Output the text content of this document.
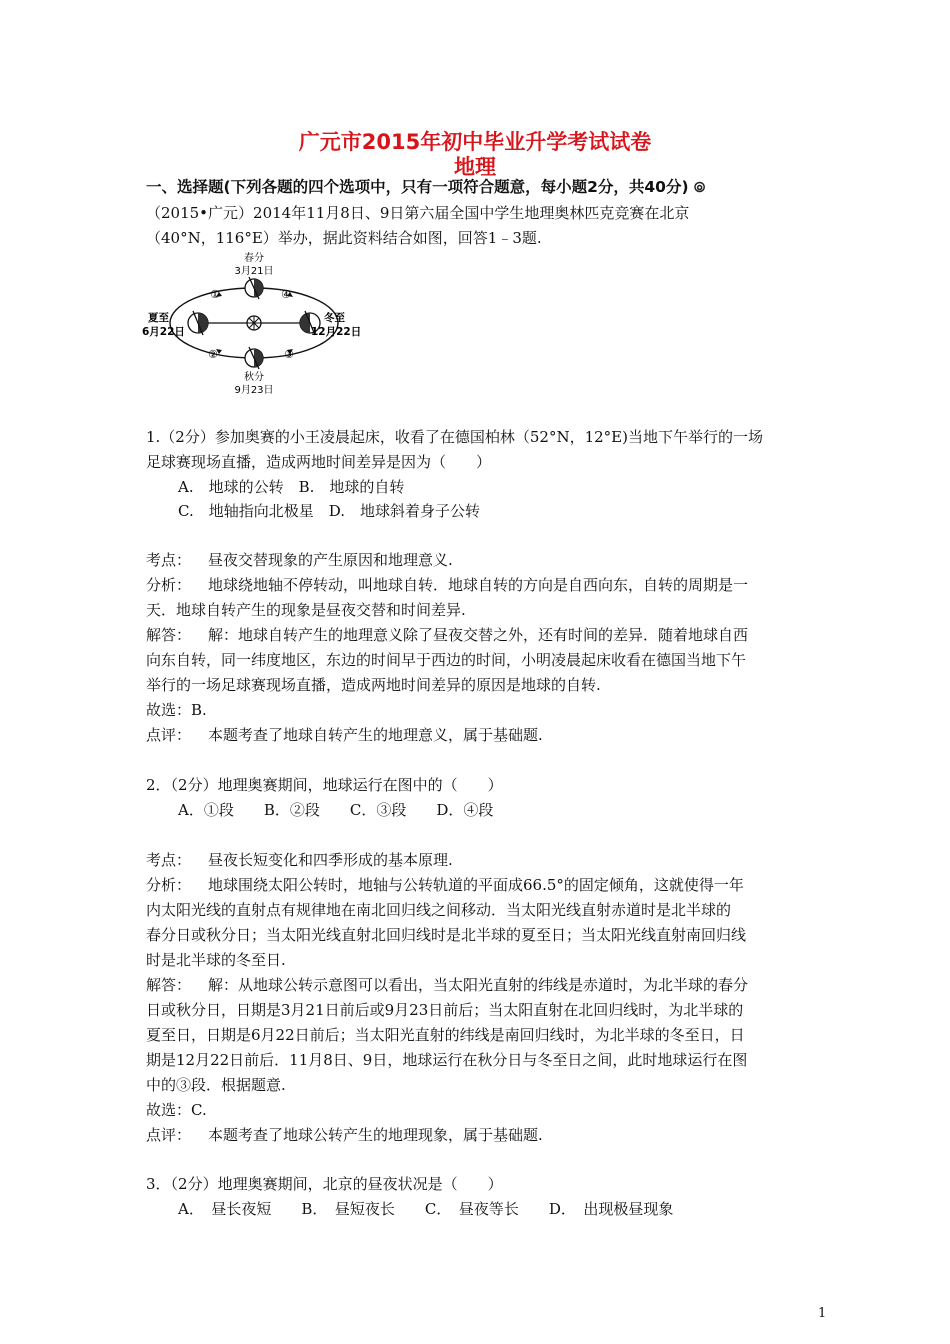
广元市2015年初中毕业升学考试试卷
地理
一、选择题(下列各题的四个选项中，只有一项符合题意，每小题2分，共40分) ⦾
（2015•广元）2014年11月8日、9日第六届全国中学生地理奥林匹克竞赛在北京
（40°N，116°E）举办，据此资料结合如图，回答1﹣3题.
春分
3月21日
夏至
6月22日
冬至
12月22日
秋分
9月23日
①
②	③
④
1.（2分）参加奥赛的小王凌晨起床，收看了在德国柏林（52°N，12°E)当地下午举行的一场
足球赛现场直播，造成两地时间差异是因为（　　）
A.　地球的公转　B.　地球的自转
C.　地轴指向北极星　D.　地球斜着身子公转
考点： 昼夜交替现象的产生原因和地理意义.
分析： 地球绕地轴不停转动，叫地球自转．地球自转的方向是自西向东，自转的周期是一
天．地球自转产生的现象是昼夜交替和时间差异.
解答： 解：地球自转产生的地理意义除了昼夜交替之外，还有时间的差异．随着地球自西
向东自转，同一纬度地区，东边的时间早于西边的时间，小明凌晨起床收看在德国当地下午
举行的一场足球赛现场直播，造成两地时间差异的原因是地球的自转.
故选：B.
点评： 本题考查了地球自转产生的地理意义，属于基础题.
2．（2分）地理奥赛期间，地球运行在图中的（　　）
A．①段　　B．②段　　C．③段　　D．④段
考点： 昼夜长短变化和四季形成的基本原理.
分析： 地球围绕太阳公转时，地轴与公转轨道的平面成66.5°的固定倾角，这就使得一年
内太阳光线的直射点有规律地在南北回归线之间移动．当太阳光线直射赤道时是北半球的
春分日或秋分日；当太阳光线直射北回归线时是北半球的夏至日；当太阳光线直射南回归线
时是北半球的冬至日.
解答： 解：从地球公转示意图可以看出，当太阳光直射的纬线是赤道时，为北半球的春分
日或秋分日，日期是3月21日前后或9月23日前后；当太阳直射在北回归线时，为北半球的
夏至日，日期是6月22日前后；当太阳光直射的纬线是南回归线时，为北半球的冬至日，日
期是12月22日前后．11月8日、9日，地球运行在秋分日与冬至日之间，此时地球运行在图
中的③段．根据题意.
故选：C.
点评： 本题考查了地球公转产生的地理现象，属于基础题.
3．（2分）地理奥赛期间，北京的昼夜状况是（　　）
A．　昼长夜短　　B．　昼短夜长　　C．　昼夜等长　　D．　出现极昼现象
1
